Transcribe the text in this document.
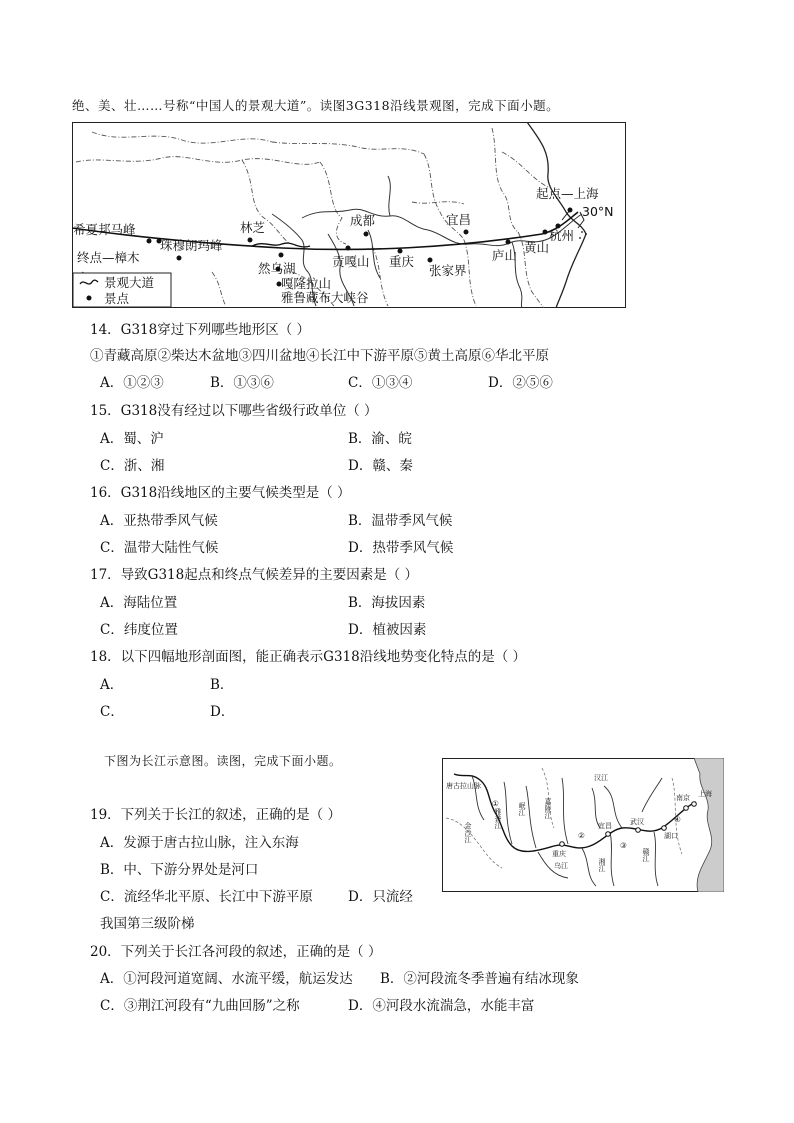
绝、美、壮……号称“中国人的景观大道”。读图3G318沿线景观图，完成下面小题。
起点—上海
30°N
希夏邦马峰
终点—樟木
珠穆朗玛峰
林芝
然乌湖
嘎隆拉山
雅鲁藏布大峡谷
成都
贡嘎山 重庆
张家界
宜昌
庐山
黄山
杭州
景观大道
景点
14．G318穿过下列哪些地形区（ ）
①青藏高原②柴达木盆地③四川盆地④长江中下游平原⑤黄土高原⑥华北平原
A．①②③	B．①③⑥	C．①③④	D．②⑤⑥
15．G318没有经过以下哪些省级行政单位（ ）
A．蜀、沪	B．渝、皖
C．浙、湘	D．赣、秦
16．G318沿线地区的主要气候类型是（ ）
A．亚热带季风气候	B．温带季风气候
C．温带大陆性气候	D．热带季风气候
17．导致G318起点和终点气候差异的主要因素是（ ）
A．海陆位置	B．海拔因素
C．纬度位置	D．植被因素
18．以下四幅地形剖面图，能正确表示G318沿线地势变化特点的是（ ）
A．	B．
C．	D．
下图为长江示意图。读图，完成下面小题。
①
②
③
④
唐古拉山脉
金沙江
雅砻江 岷江	嘉陵江
乌江
汉江
湘江
赣江
宜昌
重庆
武汉
湖口
南京 上海
19．下列关于长江的叙述，正确的是（ ）
A．发源于唐古拉山脉，注入东海
B．中、下游分界处是河口
C．流经华北平原、长江中下游平原	D．只流经
我国第三级阶梯
20．下列关于长江各河段的叙述，正确的是（ ）
A．①河段河道宽阔、水流平缓，航运发达 B．②河段流冬季普遍有结冰现象
C．③荆江河段有“九曲回肠”之称	D．④河段水流湍急，水能丰富
